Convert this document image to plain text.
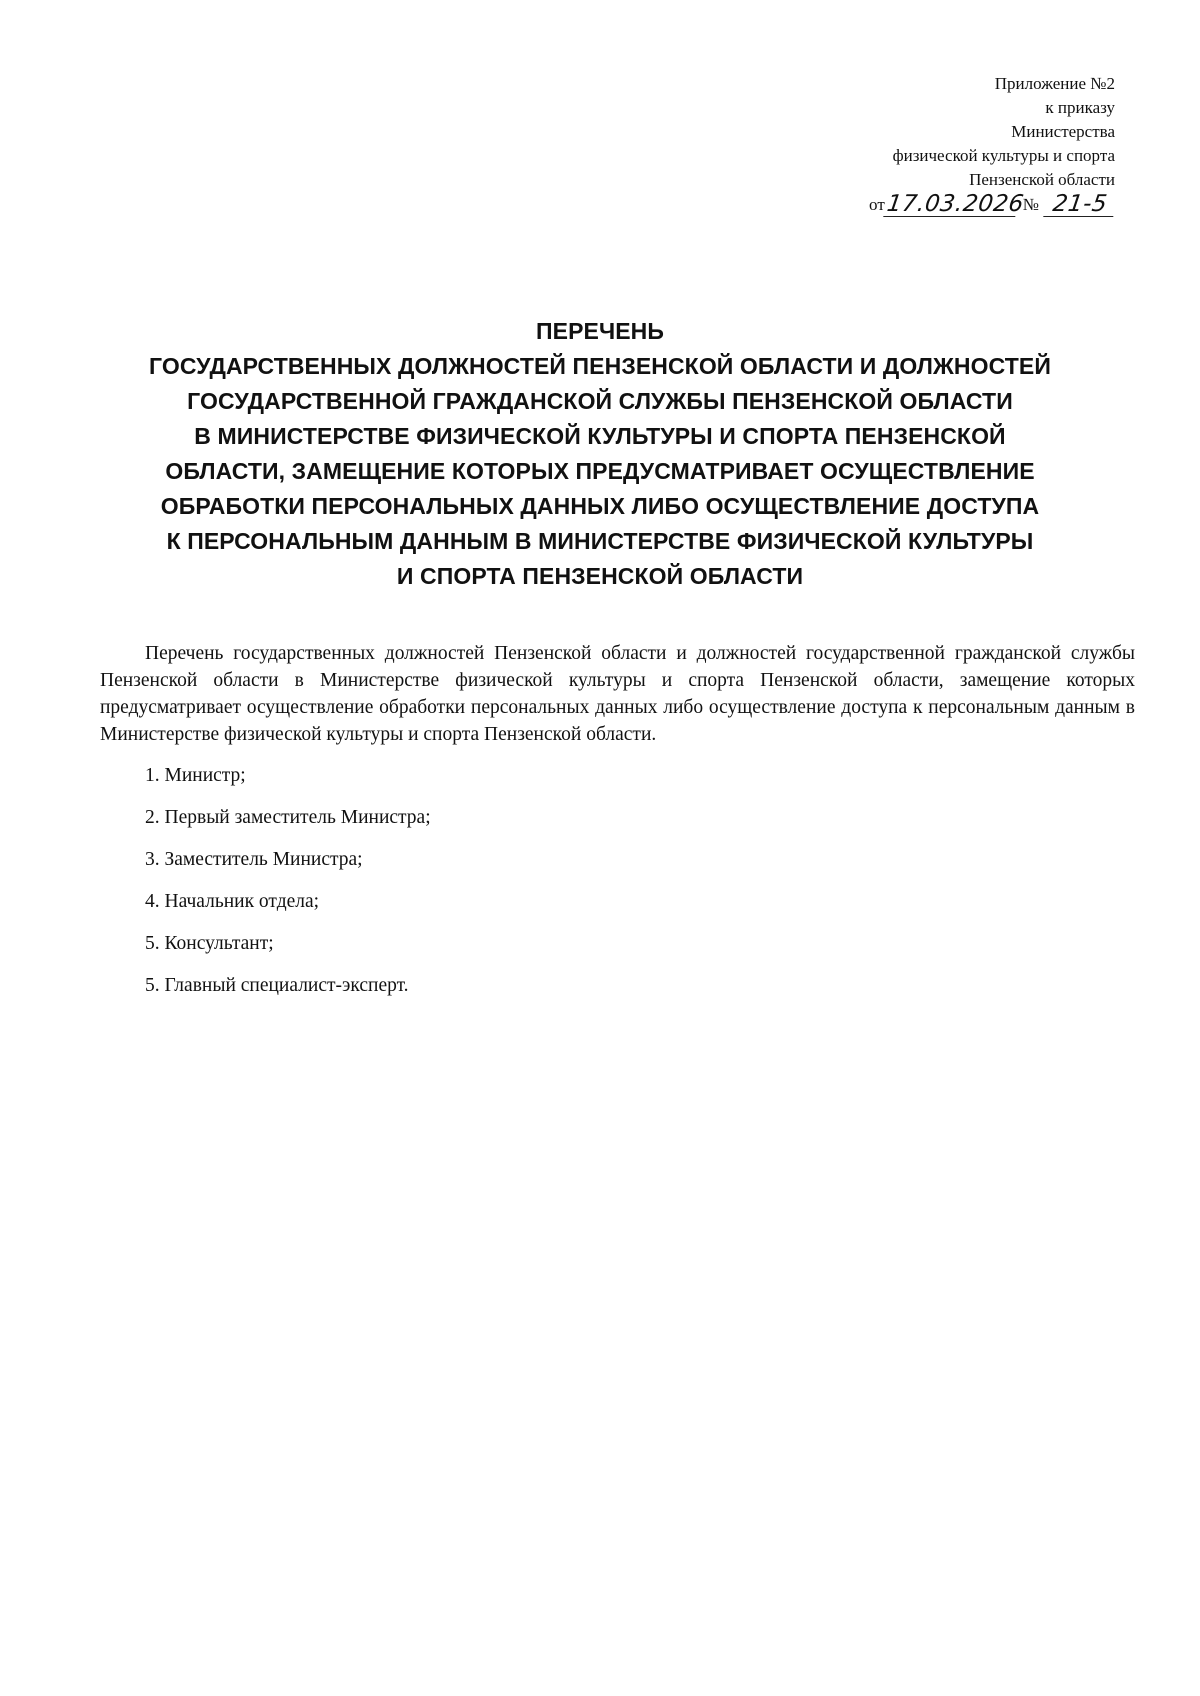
Приложение №2
к приказу
Министерства
физической культуры и спорта
Пензенской области
от 17.03.2026
№ 21-5
ПЕРЕЧЕНЬ
ГОСУДАРСТВЕННЫХ ДОЛЖНОСТЕЙ ПЕНЗЕНСКОЙ ОБЛАСТИ И ДОЛЖНОСТЕЙ
ГОСУДАРСТВЕННОЙ ГРАЖДАНСКОЙ СЛУЖБЫ ПЕНЗЕНСКОЙ ОБЛАСТИ
В МИНИСТЕРСТВЕ ФИЗИЧЕСКОЙ КУЛЬТУРЫ И СПОРТА ПЕНЗЕНСКОЙ
ОБЛАСТИ, ЗАМЕЩЕНИЕ КОТОРЫХ ПРЕДУСМАТРИВАЕТ ОСУЩЕСТВЛЕНИЕ
ОБРАБОТКИ ПЕРСОНАЛЬНЫХ ДАННЫХ ЛИБО ОСУЩЕСТВЛЕНИЕ ДОСТУПА
К ПЕРСОНАЛЬНЫМ ДАННЫМ В МИНИСТЕРСТВЕ ФИЗИЧЕСКОЙ КУЛЬТУРЫ
И СПОРТА ПЕНЗЕНСКОЙ ОБЛАСТИ

Перечень государственных должностей Пензенской области и должностей государственной гражданской службы Пензенской области в Министерстве физической культуры и спорта Пензенской области, замещение которых предусматривает осуществление обработки персональных данных либо осуществление доступа к персональным данным в Министерстве физической культуры и спорта Пензенской области.

1. Министр;
2. Первый заместитель Министра;
3. Заместитель Министра;
4. Начальник отдела;
5. Консультант;
5. Главный специалист-эксперт.
